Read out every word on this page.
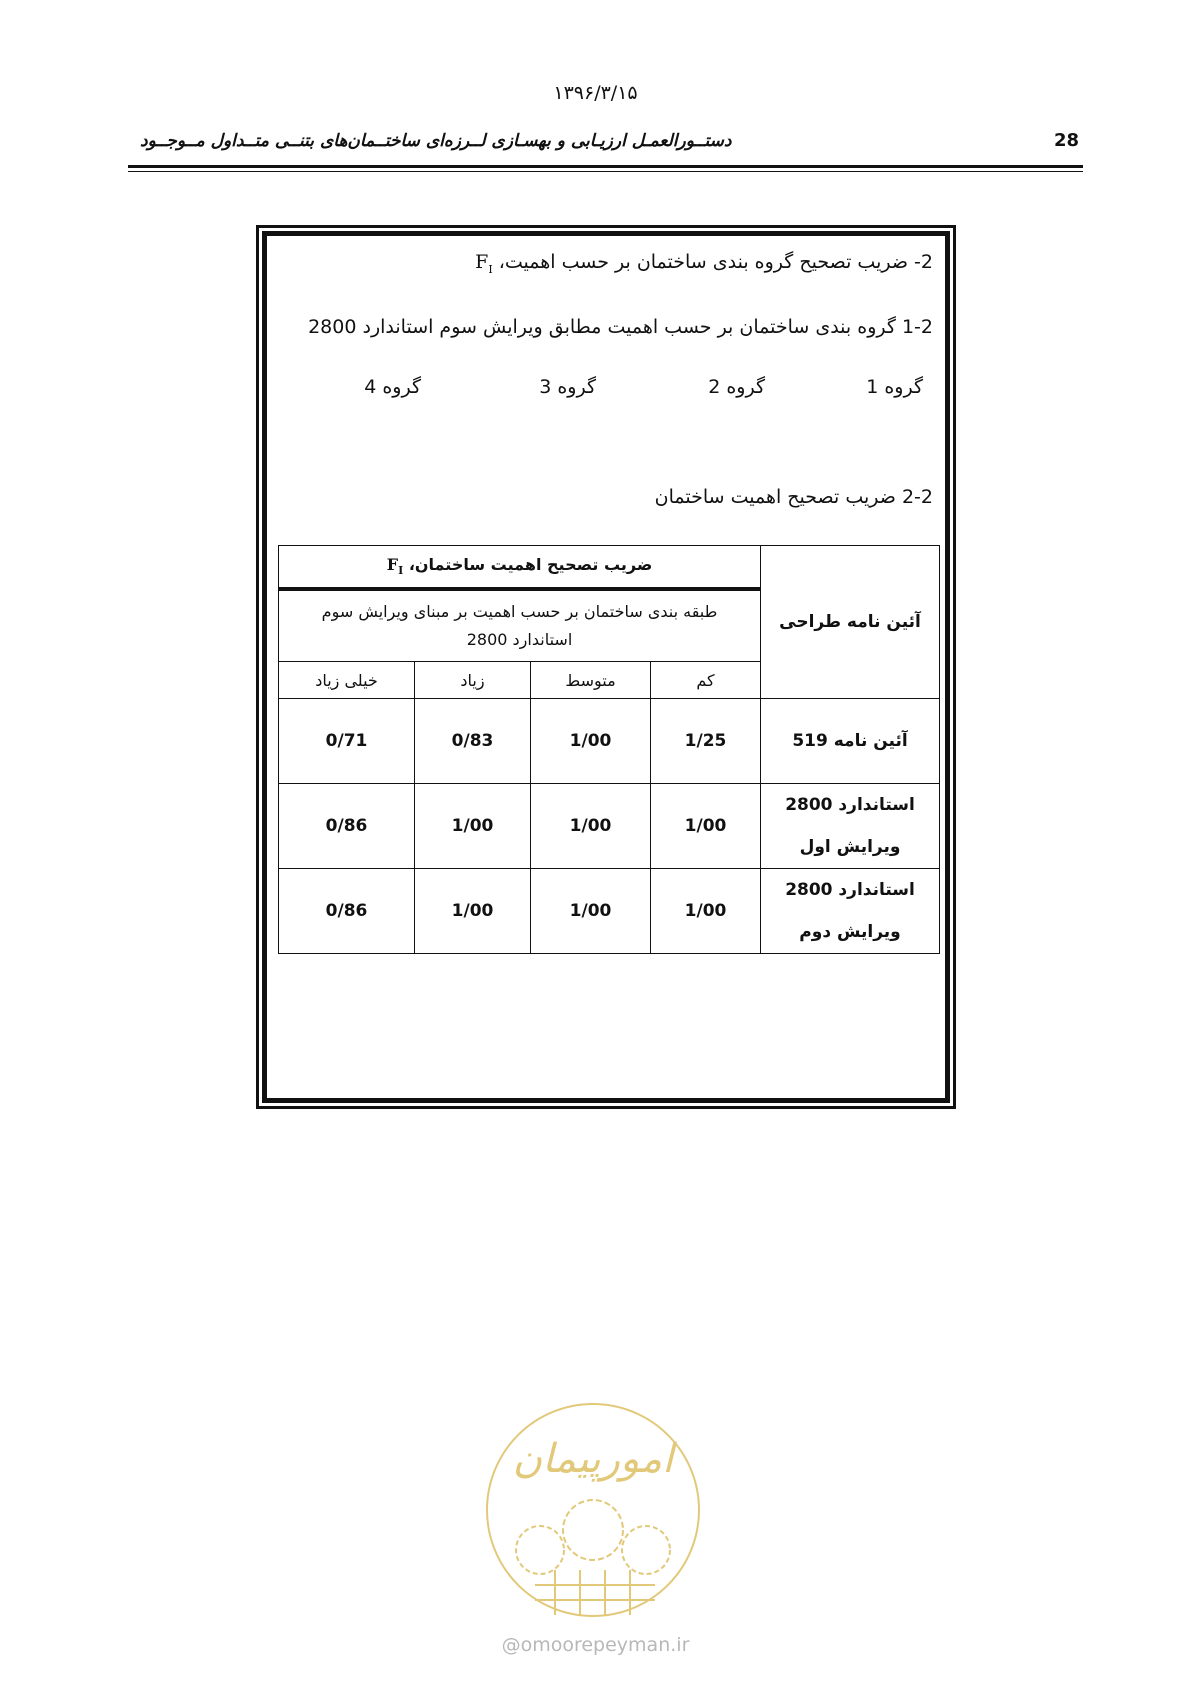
۱۳۹۶/۳/۱۵
دستــورالعمـل ارزیـابی و بهسـازی لــرزه‌ای ساختــمان‌های بتنــی متــداول مــوجــود	28
2- ضریب تصحیح گروه بندی ساختمان بر حسب اهمیت، $F_I$
1-2 گروه بندی ساختمان بر حسب اهمیت مطابق ویرایش سوم استاندارد 2800
گروه 1
گروه 2
گروه 3
گروه 4
2-2 ضریب تصحیح اهمیت ساختمان
آئین نامه طراحی	ضریب تصحیح اهمیت ساختمان، $F_I$

	طبقه بندی ساختمان بر حسب اهمیت بر مبنای ویرایش سوم
استاندارد 2800			

	کم	متوسط	زیاد	خیلی زیاد

آئین نامه 519	1/25	1/00	0/83	0/71

استاندارد 2800
ویرایش اول	1/00	1/00	1/00	0/86

استاندارد 2800
ویرایش دوم	1/00	1/00	1/00	0/86
امورپیمان
@omoorepeyman.ir
